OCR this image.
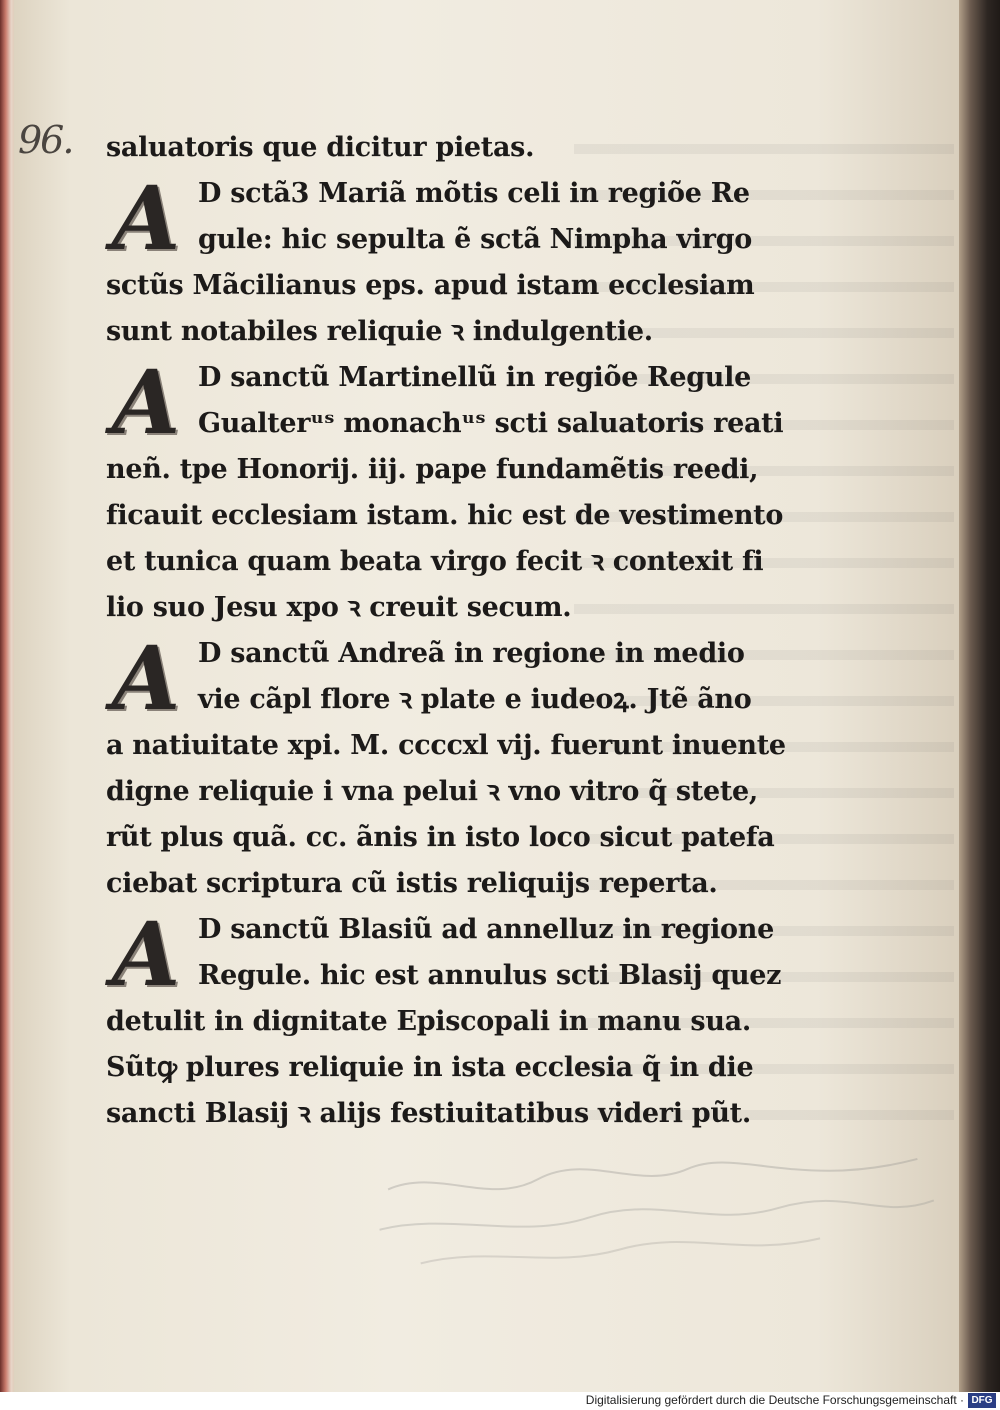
96. saluatoris que dicitur pietas.
A D sctã3 Mariã mõtis celi in regiõe Re
gule: hic sepulta ẽ sctã Nimpha virgo
sctũs Mãcilianus eps. apud istam ecclesiam
sunt notabiles reliquie ꝛ indulgentie.
A D sanctũ Martinellũ in regiõe Regule
Gualterᵘˢ monachᵘˢ scti saluatoris reati
neñ. tpe Honorij. iij. pape fundamẽtis reedi,
ficauit ecclesiam istam. hic est de vestimento
et tunica quam beata virgo fecit ꝛ contexit fi
lio suo Jesu xpo ꝛ creuit secum.
A D sanctũ Andreã in regione in medio
vie cãpl flore ꝛ plate e iudeoꝝ. Jtẽ ãno
a natiuitate xpi. M. ccccxl vij. fuerunt inuente
digne reliquie i vna pelui ꝛ vno vitro q̃ stete,
rũt plus quã. cc. ãnis in isto loco sicut patefa
ciebat scriptura cũ istis reliquijs reperta.
A D sanctũ Blasiũ ad annelluz in regione
Regule. hic est annulus scti Blasij quez
detulit in dignitate Episcopali in manu sua.
Sũtꝙ plures reliquie in ista ecclesia q̃ in die
sancti Blasij ꝛ alijs festiuitatibus videri pũt.
Digitalisierung gefördert durch die Deutsche Forschungsgemeinschaft · DFG
